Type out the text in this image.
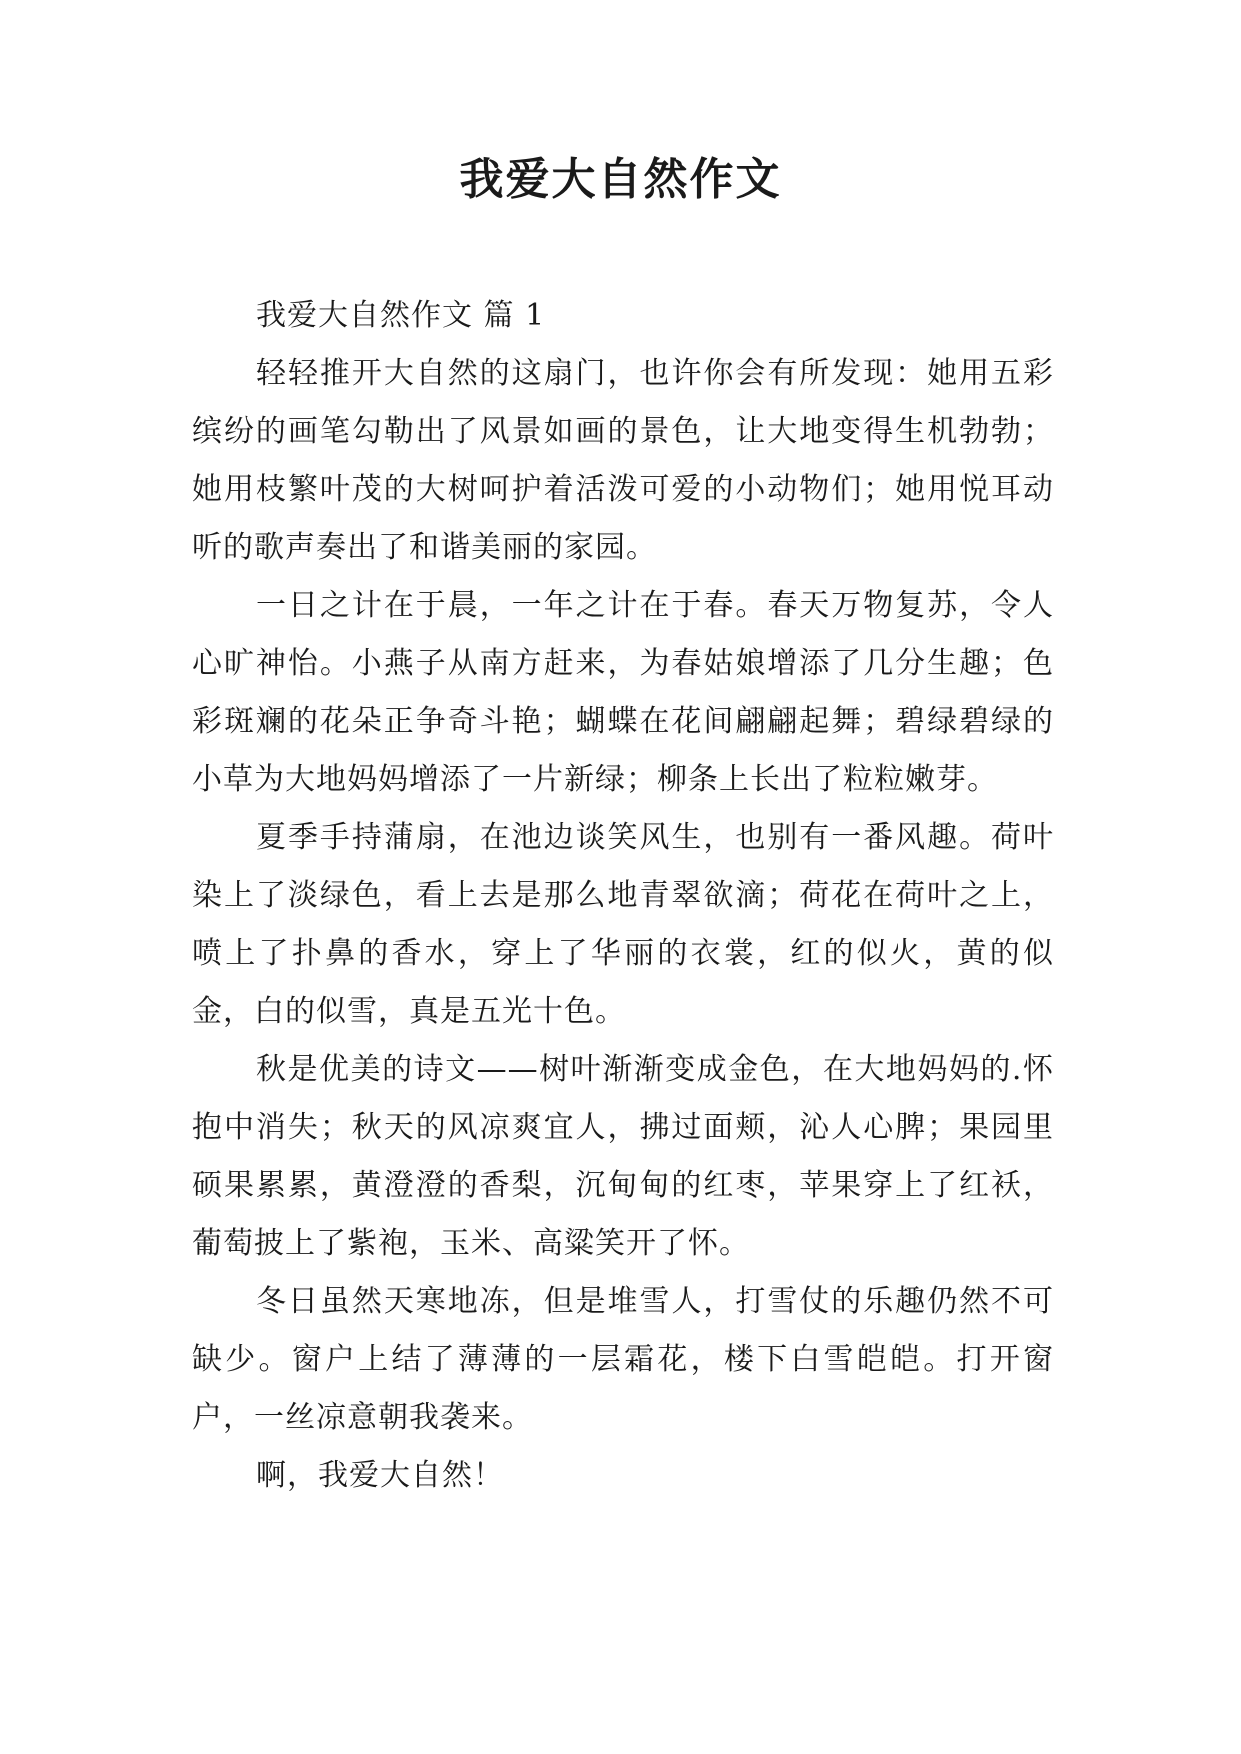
我爱大自然作文

我爱大自然作文 篇 1

轻轻推开大自然的这扇门，也许你会有所发现：她用五彩缤纷的画笔勾勒出了风景如画的景色，让大地变得生机勃勃；她用枝繁叶茂的大树呵护着活泼可爱的小动物们；她用悦耳动听的歌声奏出了和谐美丽的家园。

一日之计在于晨，一年之计在于春。春天万物复苏，令人心旷神怡。小燕子从南方赶来，为春姑娘增添了几分生趣；色彩斑斓的花朵正争奇斗艳；蝴蝶在花间翩翩起舞；碧绿碧绿的小草为大地妈妈增添了一片新绿；柳条上长出了粒粒嫩芽。

夏季手持蒲扇，在池边谈笑风生，也别有一番风趣。荷叶染上了淡绿色，看上去是那么地青翠欲滴；荷花在荷叶之上，喷上了扑鼻的香水，穿上了华丽的衣裳，红的似火，黄的似金，白的似雪，真是五光十色。

秋是优美的诗文——树叶渐渐变成金色，在大地妈妈的.怀抱中消失；秋天的风凉爽宜人，拂过面颊，沁人心脾；果园里硕果累累，黄澄澄的香梨，沉甸甸的红枣，苹果穿上了红袄，葡萄披上了紫袍，玉米、高粱笑开了怀。

冬日虽然天寒地冻，但是堆雪人，打雪仗的乐趣仍然不可缺少。窗户上结了薄薄的一层霜花，楼下白雪皑皑。打开窗户，一丝凉意朝我袭来。

啊，我爱大自然！
